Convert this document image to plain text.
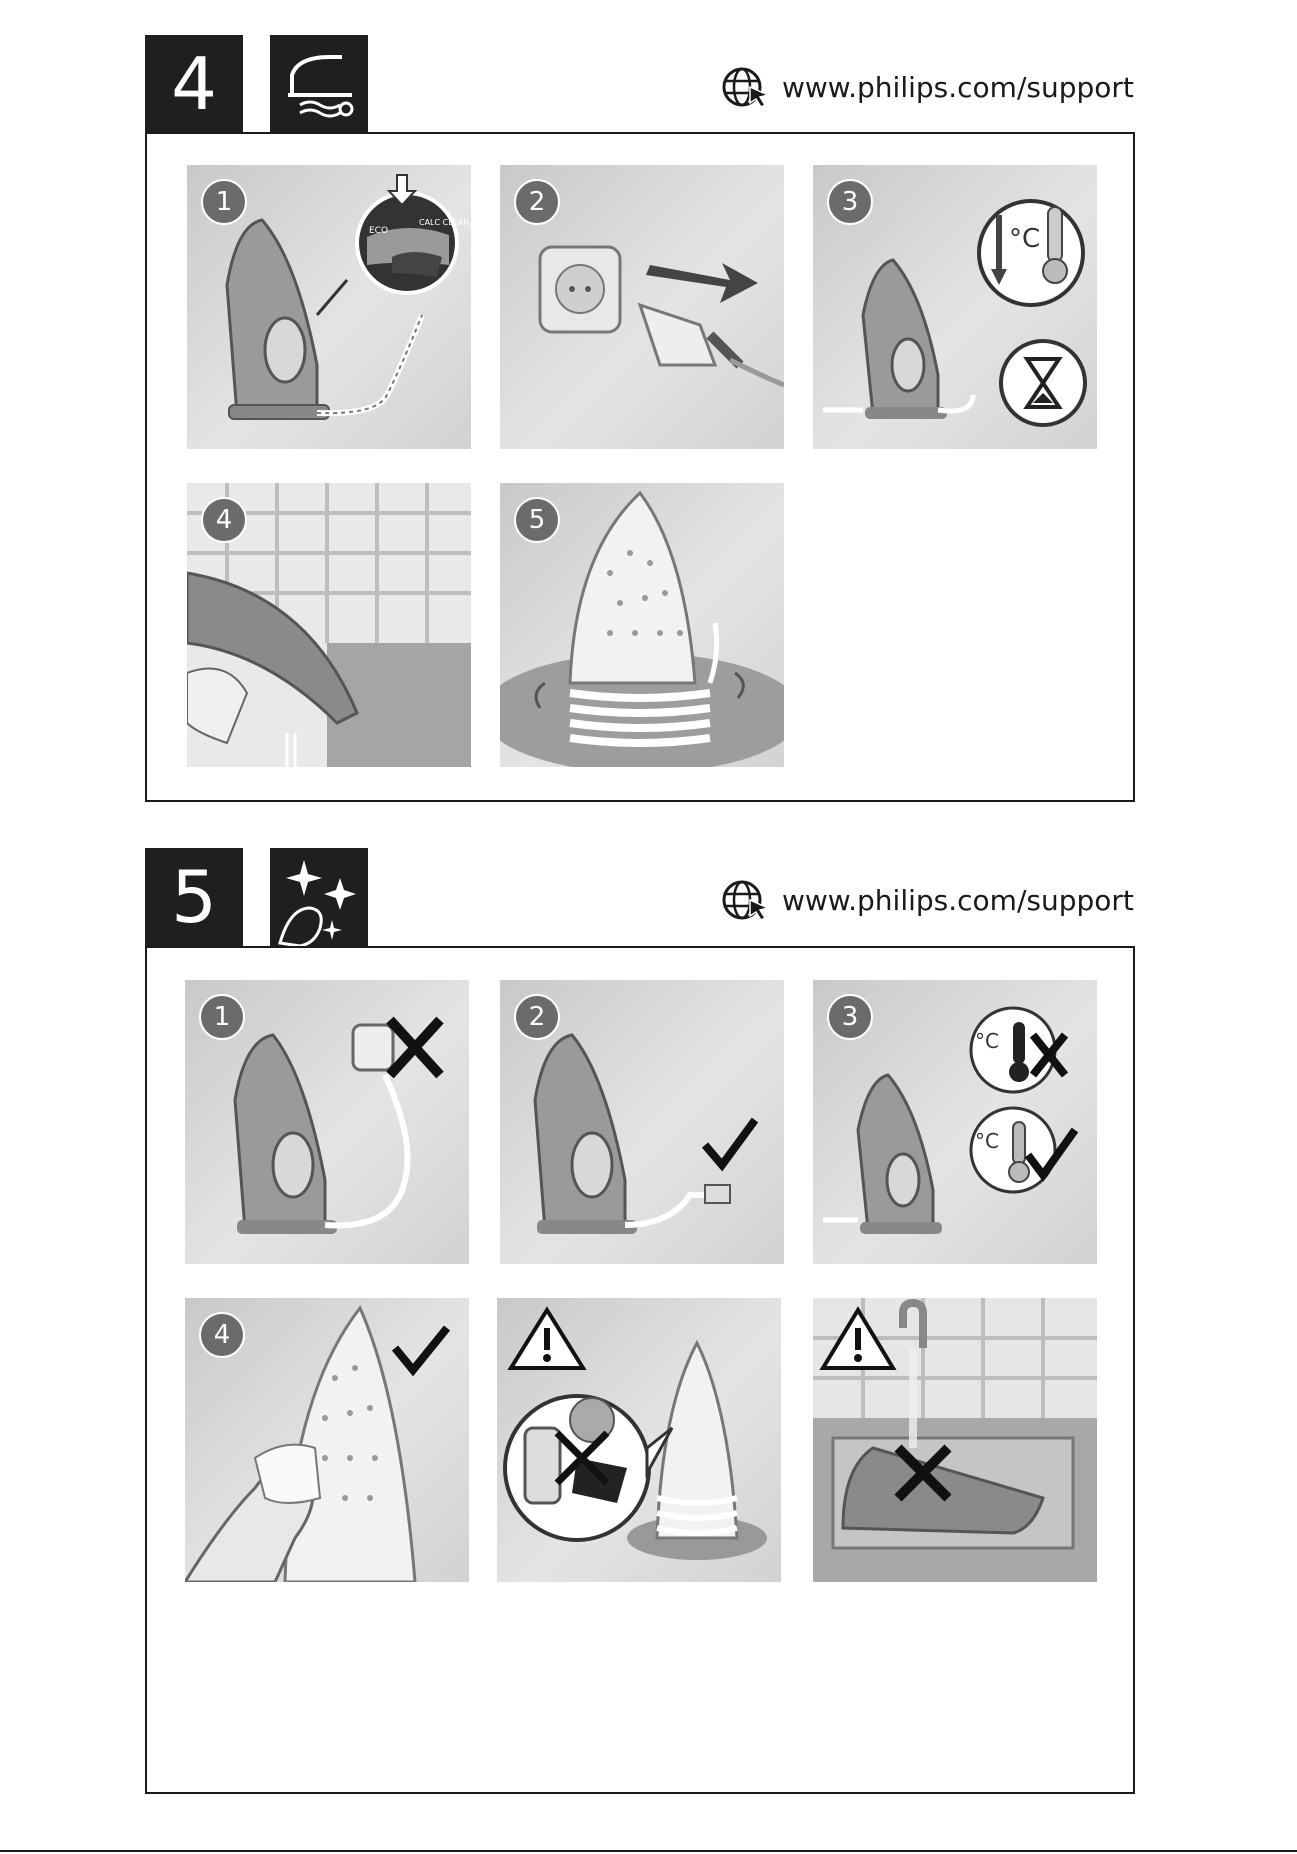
4	www.philips.com/support
1
ECO
CALC CLEAN
2	3
°C
4	5
5	www.philips.com/support
1	2	3
°C
°C
4
